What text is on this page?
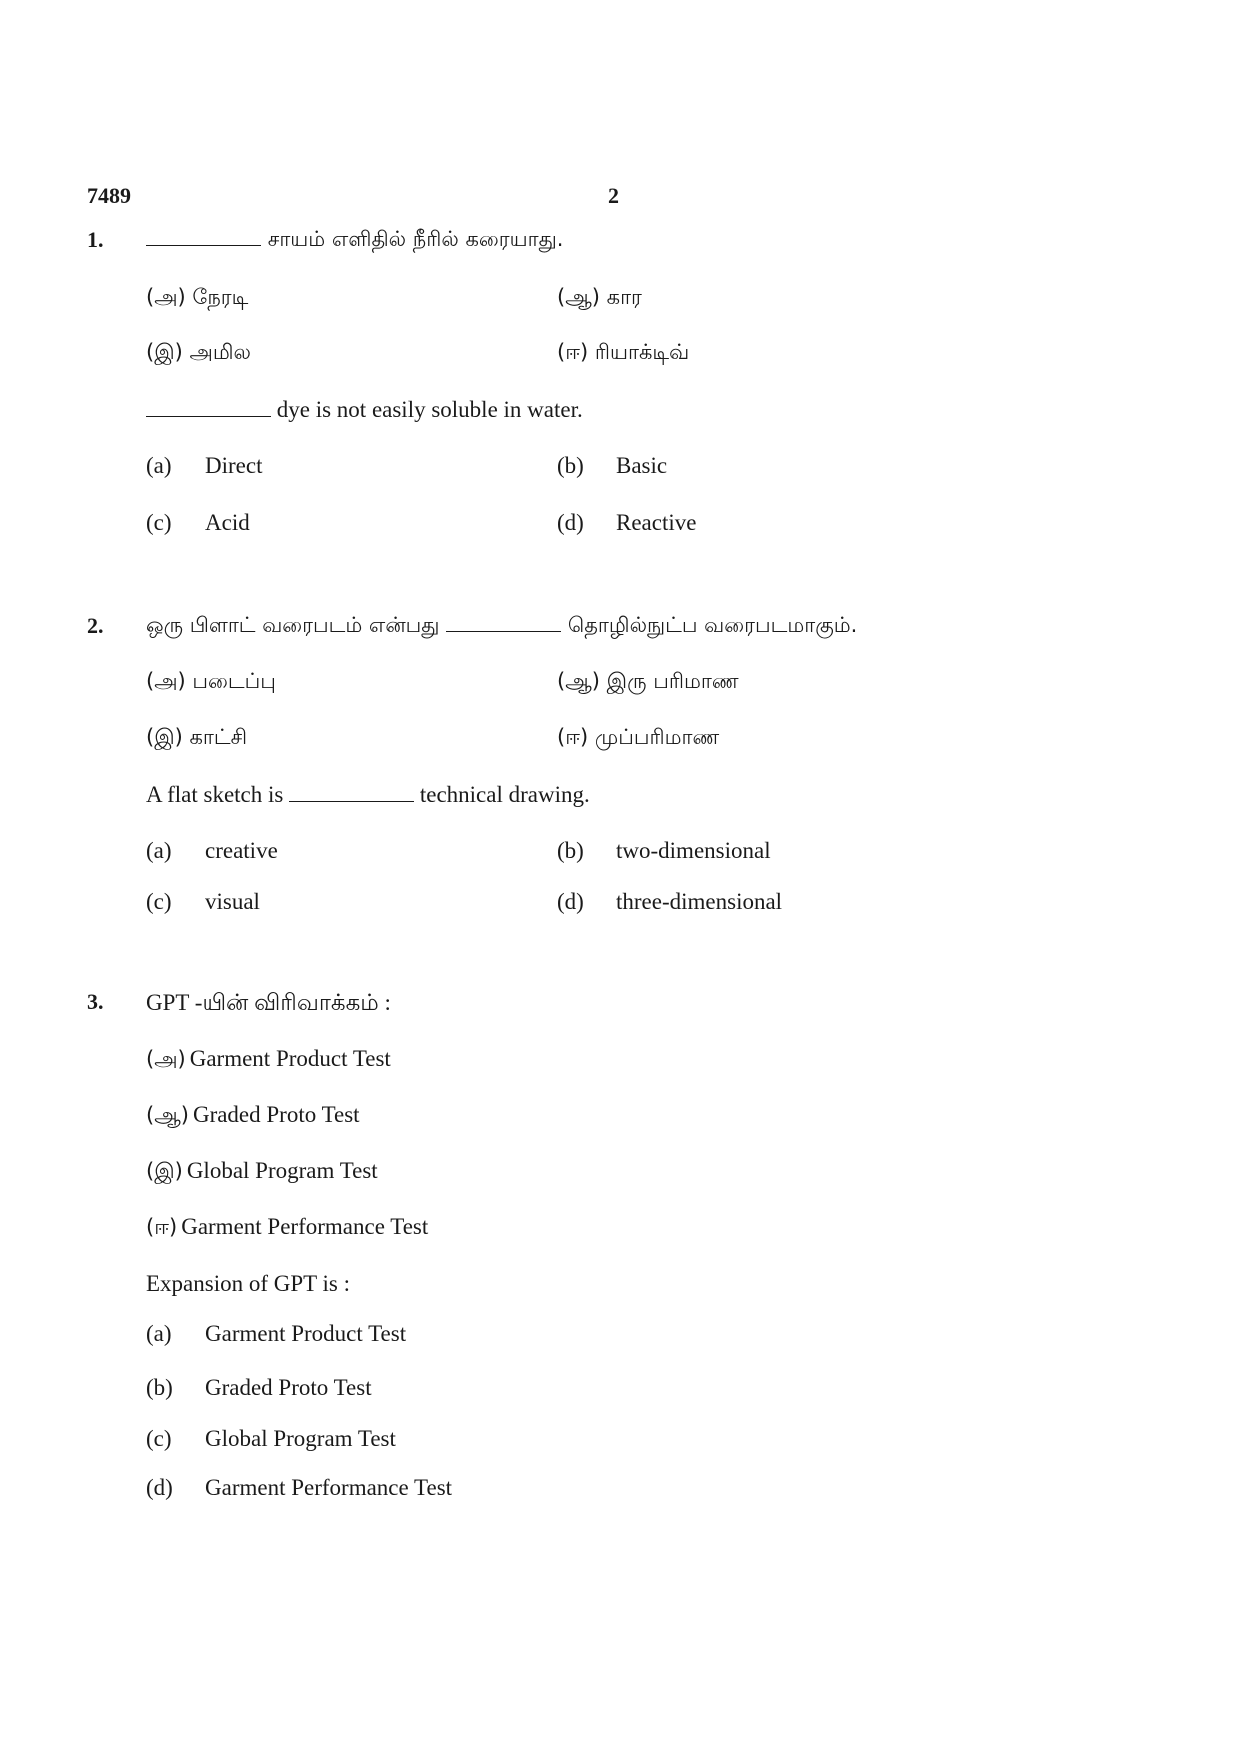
7489	2
1.	சாயம் எளிதில் நீரில் கரையாது.
(அ) நேரடி	(ஆ) கார
(இ) அமில	(ஈ) ரியாக்டிவ்
dye is not easily soluble in water.
(a) Direct	(b) Basic
(c) Acid	(d) Reactive
2. ஒரு பிளாட் வரைபடம் என்பது	தொழில்நுட்ப வரைபடமாகும்.
(அ) படைப்பு	(ஆ) இரு பரிமாண
(இ) காட்சி	(ஈ) முப்பரிமாண
A flat sketch is	technical drawing.
(a) creative	(b) two-dimensional
(c) visual	(d) three-dimensional
3. GPT -யின் விரிவாக்கம் :
(அ) Garment Product Test
(ஆ) Graded Proto Test
(இ) Global Program Test
(ஈ) Garment Performance Test
Expansion of GPT is :
(a) Garment Product Test
(b) Graded Proto Test
(c) Global Program Test
(d) Garment Performance Test
